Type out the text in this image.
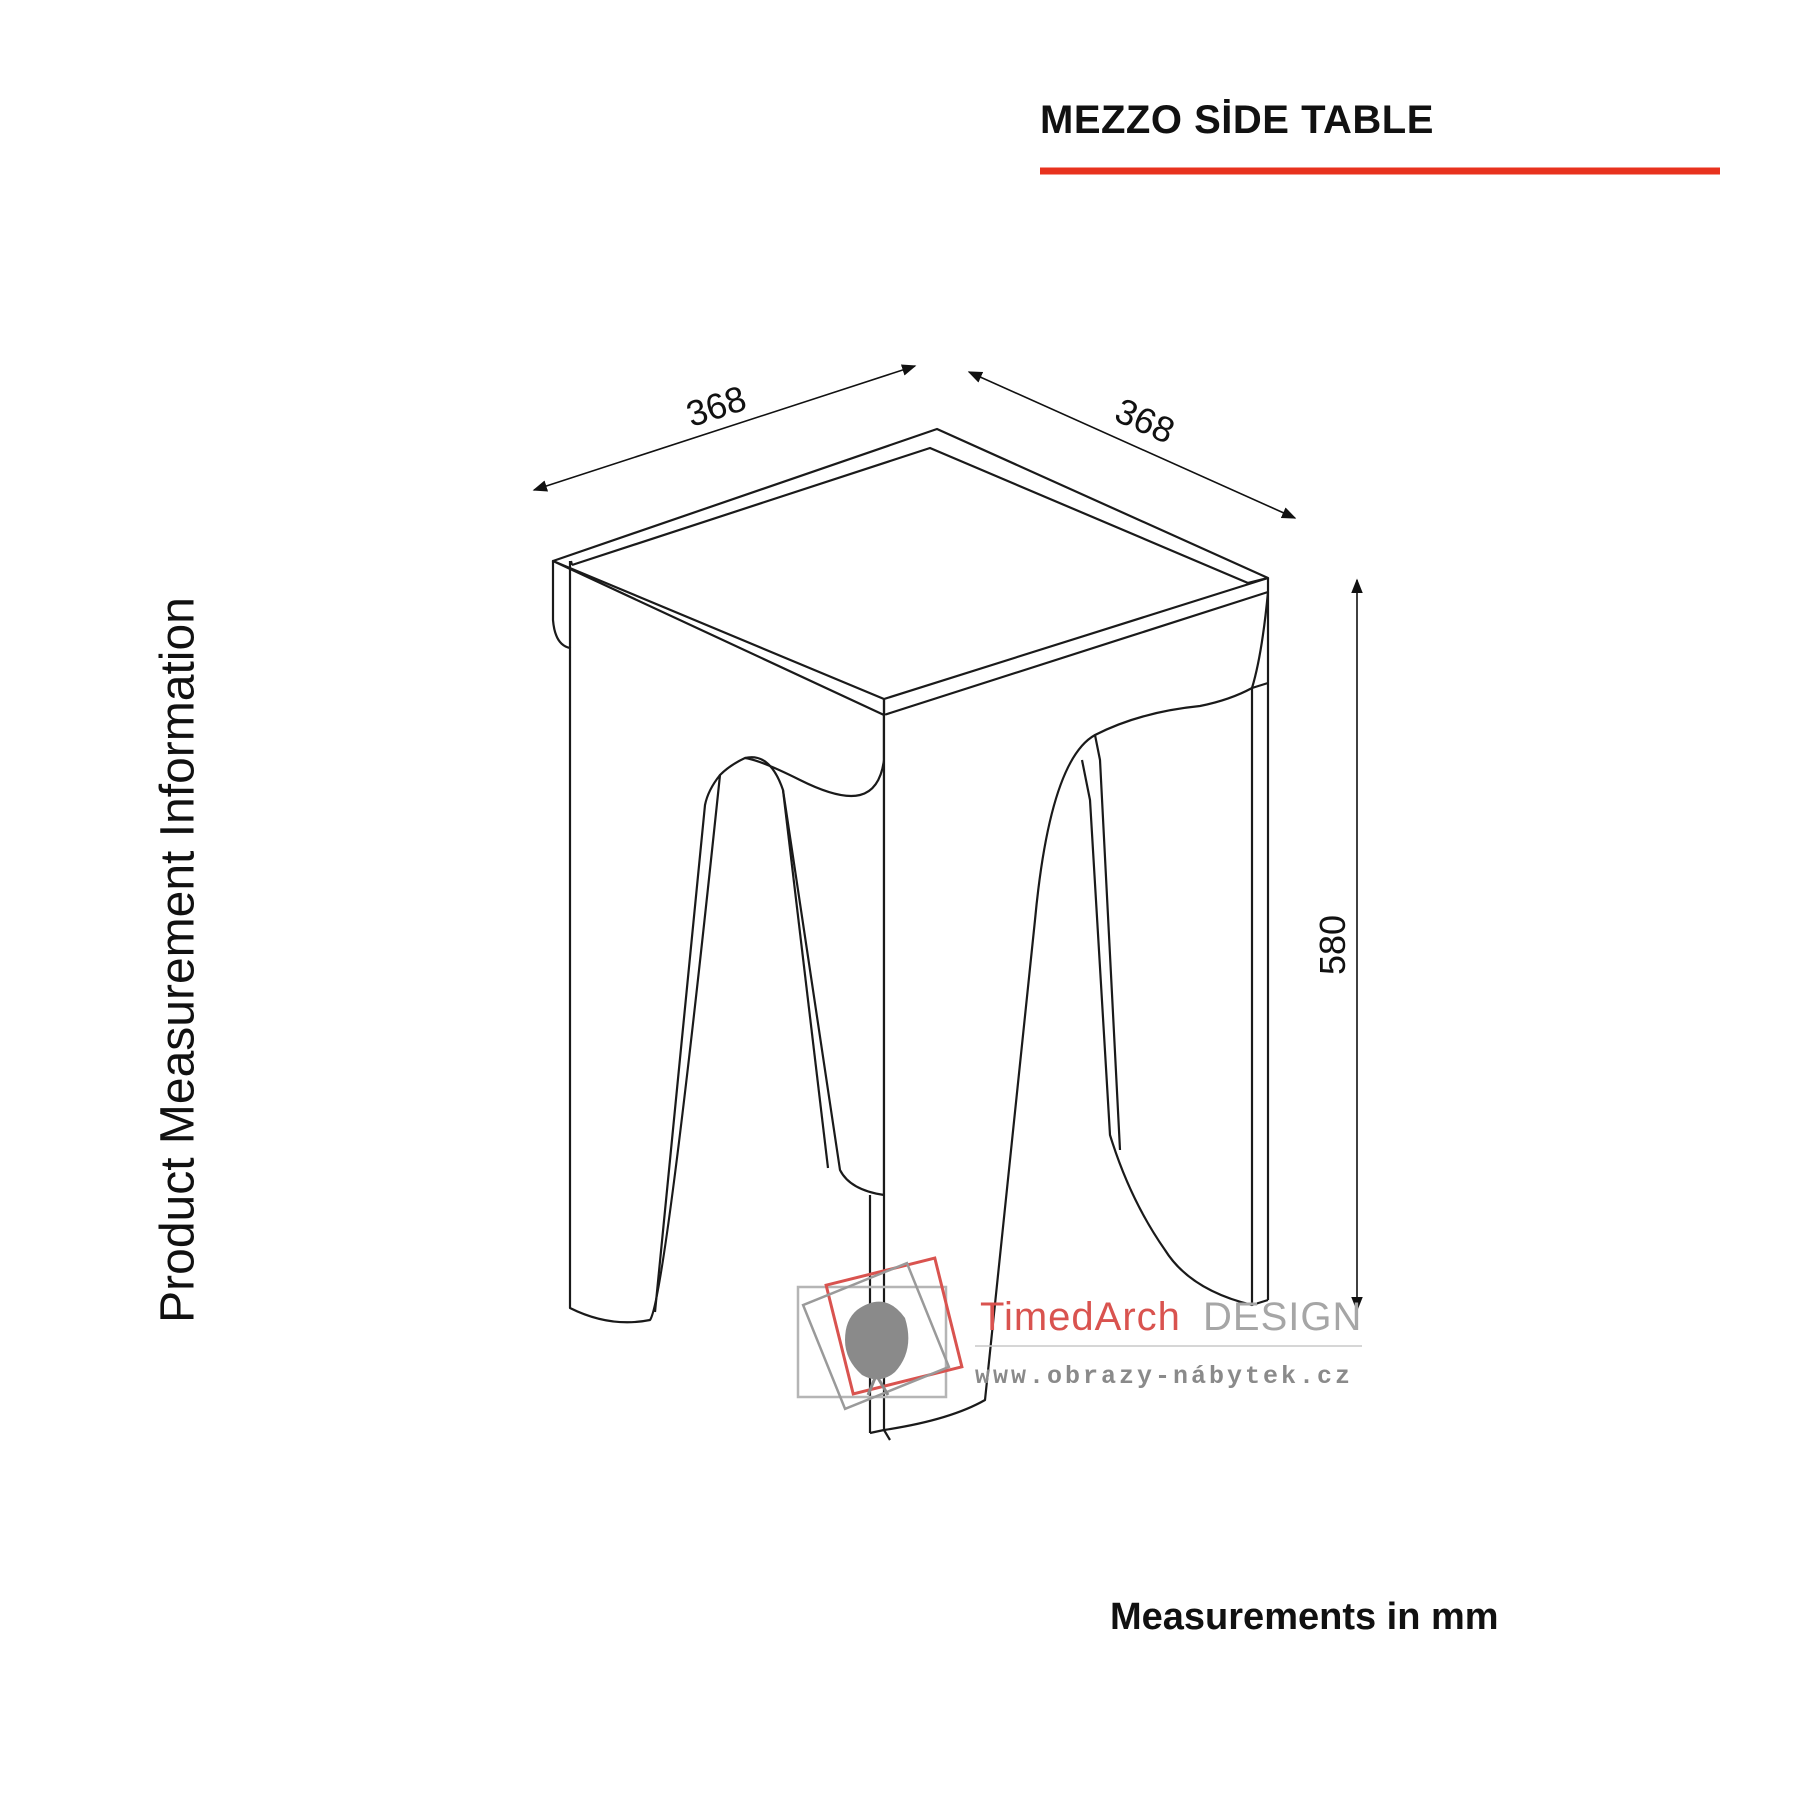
MEZZO SİDE TABLE
Product Measurement Information
368	368
580
TimedArch DESIGN
www.obrazy-nábytek.cz
Measurements in mm
